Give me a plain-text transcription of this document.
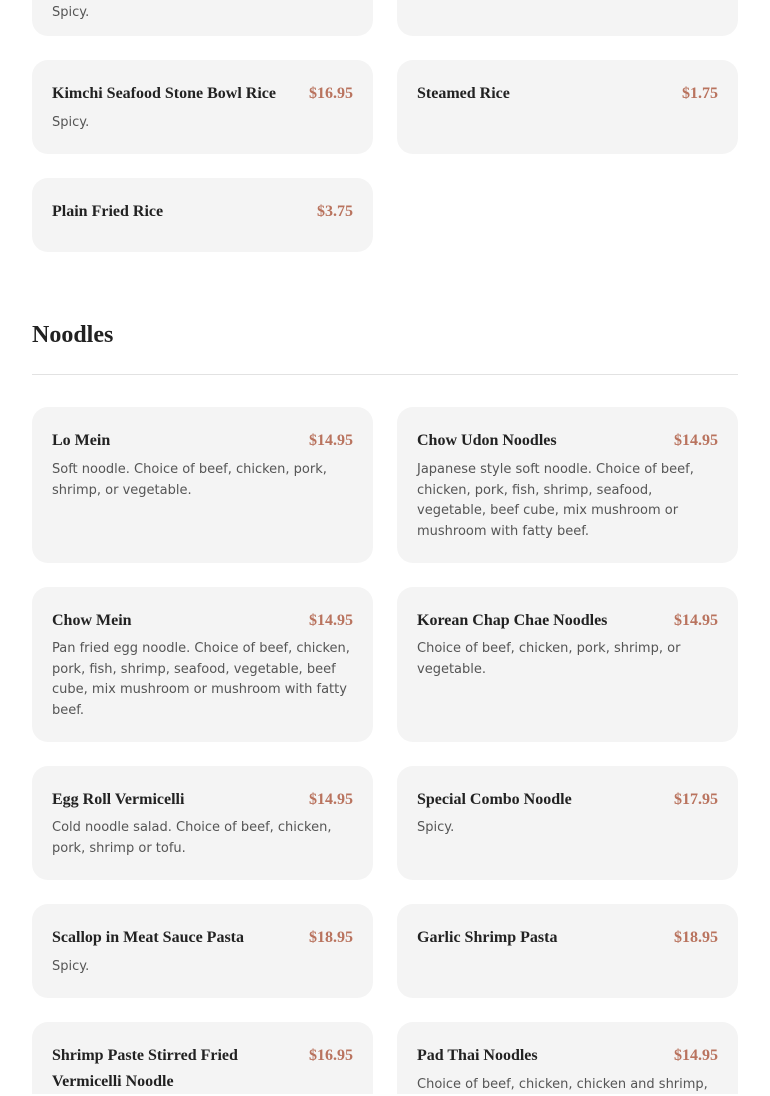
Spicy.
Kimchi Seafood Stone Bowl Rice	$16.95
Spicy.
Steamed Rice	$1.75
Plain Fried Rice	$3.75
Noodles
Lo Mein	$14.95
Soft noodle. Choice of beef, chicken, pork, shrimp, or vegetable.
Chow Udon Noodles	$14.95
Japanese style soft noodle. Choice of beef, chicken, pork, fish, shrimp, seafood, vegetable, beef cube, mix mushroom or mushroom with fatty beef.
Chow Mein	$14.95
Pan fried egg noodle. Choice of beef, chicken, pork, fish, shrimp, seafood, vegetable, beef cube, mix mushroom or mushroom with fatty beef.
Korean Chap Chae Noodles	$14.95
Choice of beef, chicken, pork, shrimp, or vegetable.
Egg Roll Vermicelli	$14.95
Cold noodle salad. Choice of beef, chicken, pork, shrimp or tofu.
Special Combo Noodle	$17.95
Spicy.
Scallop in Meat Sauce Pasta	$18.95
Spicy.
Garlic Shrimp Pasta	$18.95
Shrimp Paste Stirred Fried Vermicelli Noodle
$16.95	Pad Thai Noodles	$14.95
Choice of beef, chicken, chicken and shrimp,
